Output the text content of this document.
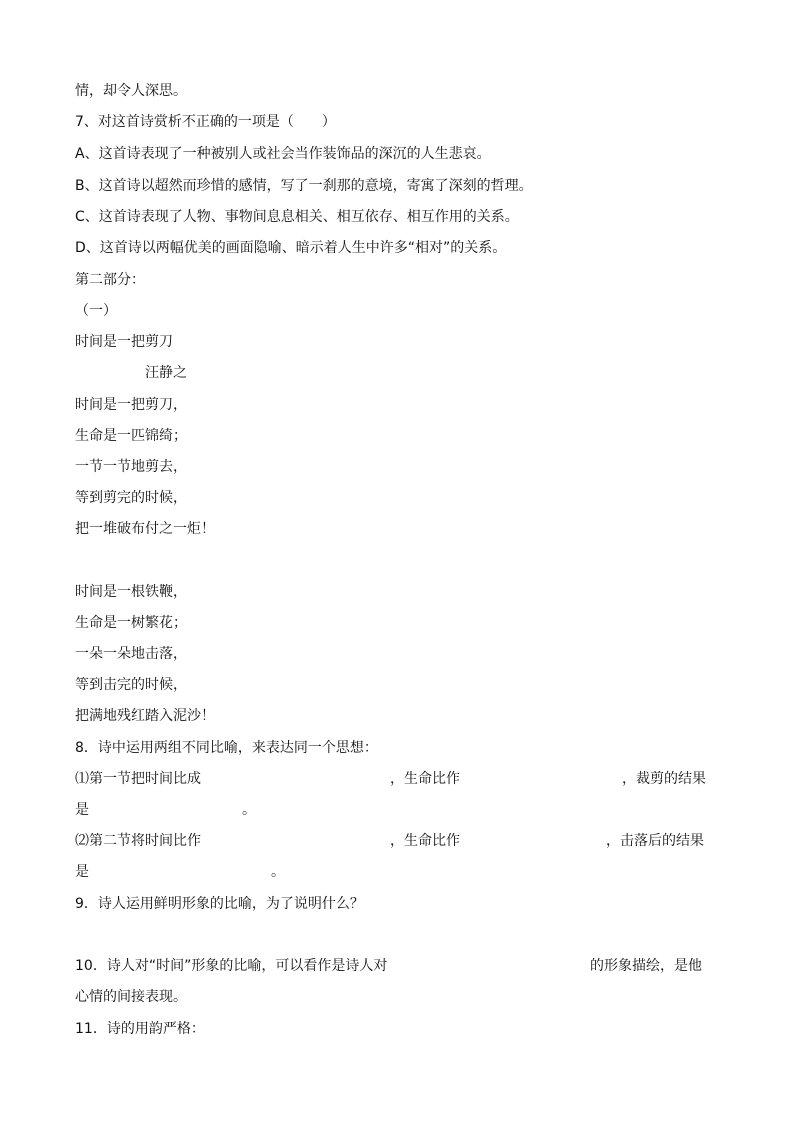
情，却令人深思。
7、对这首诗赏析不正确的一项是（　　）
A、这首诗表现了一种被别人或社会当作装饰品的深沉的人生悲哀。
B、这首诗以超然而珍惜的感情，写了一刹那的意境，寄寓了深刻的哲理。
C、这首诗表现了人物、事物间息息相关、相互依存、相互作用的关系。
D、这首诗以两幅优美的画面隐喻、暗示着人生中许多“相对”的关系。
第二部分：
（一）
时间是一把剪刀
汪静之
时间是一把剪刀，
生命是一匹锦绮；
一节一节地剪去，
等到剪完的时候，
把一堆破布付之一炬！
时间是一根铁鞭，
生命是一树繁花；
一朵一朵地击落，
等到击完的时候，
把满地残红踏入泥沙！
8．诗中运用两组不同比喻，来表达同一个思想：
⑴第一节把时间比成	，生命比作	，裁剪的结果
是	。
⑵第二节将时间比作	，生命比作	，击落后的结果
是	。
9．诗人运用鲜明形象的比喻，为了说明什么？
10．诗人对“时间”形象的比喻，可以看作是诗人对	的形象描绘，是他
心情的间接表现。
11．诗的用韵严格：
